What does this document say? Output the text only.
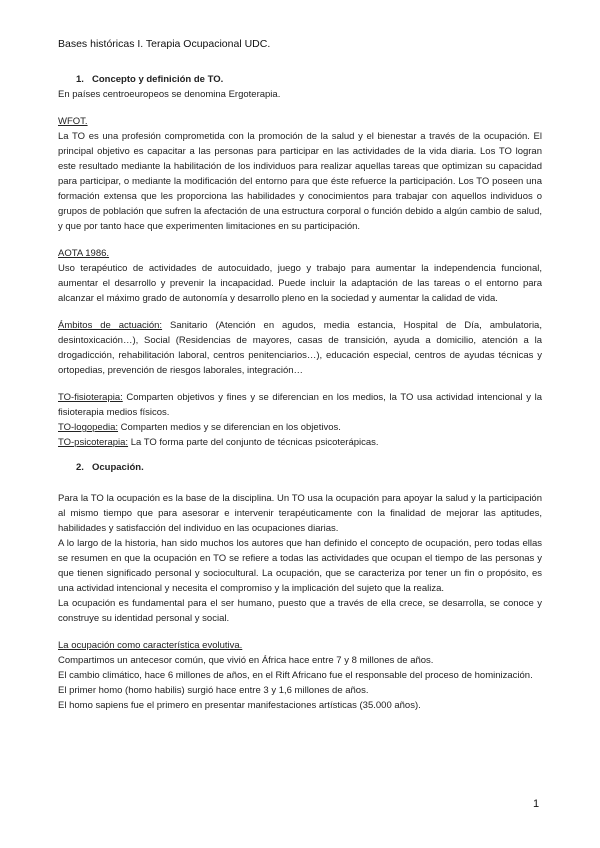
Bases históricas I. Terapia Ocupacional UDC.
1. Concepto y definición de TO.

En países centroeuropeos se denomina Ergoterapia.

WFOT.

La TO es una profesión comprometida con la promoción de la salud y el bienestar a través de la ocupación. El principal objetivo es capacitar a las personas para participar en las actividades de la vida diaria. Los TO logran este resultado mediante la habilitación de los individuos para realizar aquellas tareas que optimizan su capacidad para participar, o mediante la modificación del entorno para que éste refuerce la participación. Los TO poseen una formación extensa que les proporciona las habilidades y conocimientos para trabajar con aquellos individuos o grupos de población que sufren la afectación de una estructura corporal o función debido a algún cambio de salud, y que por tanto hace que experimenten limitaciones en su participación.

AOTA 1986.

Uso terapéutico de actividades de autocuidado, juego y trabajo para aumentar la independencia funcional, aumentar el desarrollo y prevenir la incapacidad. Puede incluir la adaptación de las tareas o el entorno para alcanzar el máximo grado de autonomía y desarrollo pleno en la sociedad y aumentar la calidad de vida.

Ámbitos de actuación: Sanitario (Atención en agudos, media estancia, Hospital de Día, ambulatoria, desintoxicación…), Social (Residencias de mayores, casas de transición, ayuda a domicilio, atención a la drogadicción, rehabilitación laboral, centros penitenciarios…), educación especial, centros de ayudas técnicas y ortopedias, prevención de riesgos laborales, integración…

TO-fisioterapia: Comparten objetivos y fines y se diferencian en los medios, la TO usa actividad intencional y la fisioterapia medios físicos.

TO-logopedia: Comparten medios y se diferencian en los objetivos.

TO-psicoterapia: La TO forma parte del conjunto de técnicas psicoterápicas.

2. Ocupación.

Para la TO la ocupación es la base de la disciplina. Un TO usa la ocupación para apoyar la salud y la participación al mismo tiempo que para asesorar e intervenir terapéuticamente con la finalidad de mejorar las aptitudes, habilidades y satisfacción del individuo en las ocupaciones diarias.

A lo largo de la historia, han sido muchos los autores que han definido el concepto de ocupación, pero todas ellas se resumen en que la ocupación en TO se refiere a todas las actividades que ocupan el tiempo de las personas y que tienen significado personal y sociocultural. La ocupación, que se caracteriza por tener un fin o propósito, es una actividad intencional y necesita el compromiso y la implicación del sujeto que la realiza.

La ocupación es fundamental para el ser humano, puesto que a través de ella crece, se desarrolla, se conoce y construye su identidad personal y social.

La ocupación como característica evolutiva.

Compartimos un antecesor común, que vivió en África hace entre 7 y 8 millones de años.

El cambio climático, hace 6 millones de años, en el Rift Africano fue el responsable del proceso de hominización.

El primer homo (homo habilis) surgió hace entre 3 y 1,6 millones de años.

El homo sapiens fue el primero en presentar manifestaciones artísticas (35.000 años).

1
